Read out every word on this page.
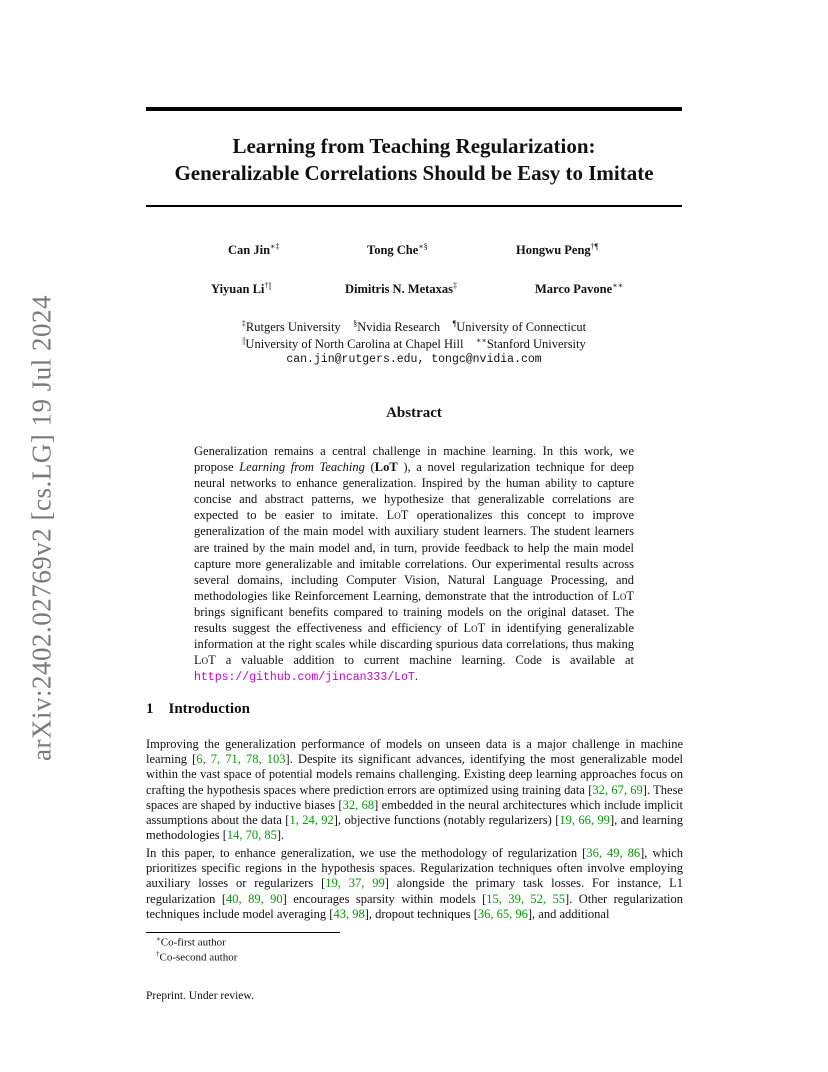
arXiv:2402.02769v2 [cs.LG] 19 Jul 2024
Learning from Teaching Regularization:
Generalizable Correlations Should be Easy to Imitate
Can Jin∗‡	Tong Che∗§	Hongwu Peng†¶
Yiyuan Li†||	Dimitris N. Metaxas‡	Marco Pavone∗∗
‡Rutgers University §Nvidia Research ¶University of Connecticut
||University of North Carolina at Chapel Hill ∗∗Stanford University
can.jin@rutgers.edu, tongc@nvidia.com
Abstract
Generalization remains a central challenge in machine learning. In this work, we propose Learning from Teaching (LoT ), a novel regularization technique for deep neural networks to enhance generalization. Inspired by the human ability to capture concise and abstract patterns, we hypothesize that generalizable correlations are expected to be easier to imitate. LoT operationalizes this concept to improve generalization of the main model with auxiliary student learners. The student learners are trained by the main model and, in turn, provide feedback to help the main model capture more generalizable and imitable correlations. Our experimental results across several domains, including Computer Vision, Natural Language Processing, and methodologies like Reinforcement Learning, demonstrate that the introduction of LoT brings significant benefits compared to training models on the original dataset. The results suggest the effectiveness and efficiency of LoT in identifying generalizable information at the right scales while discarding spurious data correlations, thus making LoT a valuable addition to current machine learning. Code is available at https://github.com/jincan333/LoT.
1 Introduction
Improving the generalization performance of models on unseen data is a major challenge in machine learning [6, 7, 71, 78, 103]. Despite its significant advances, identifying the most generalizable model within the vast space of potential models remains challenging. Existing deep learning approaches focus on crafting the hypothesis spaces where prediction errors are optimized using training data [32, 67, 69]. These spaces are shaped by inductive biases [32, 68] embedded in the neural architectures which include implicit assumptions about the data [1, 24, 92], objective functions (notably regularizers) [19, 66, 99], and learning methodologies [14, 70, 85].
In this paper, to enhance generalization, we use the methodology of regularization [36, 49, 86], which prioritizes specific regions in the hypothesis spaces. Regularization techniques often involve employing auxiliary losses or regularizers [19, 37, 99] alongside the primary task losses. For instance, L1 regularization [40, 89, 90] encourages sparsity within models [15, 39, 52, 55]. Other regularization techniques include model averaging [43, 98], dropout techniques [36, 65, 96], and additional
∗Co-first author
†Co-second author
Preprint. Under review.
